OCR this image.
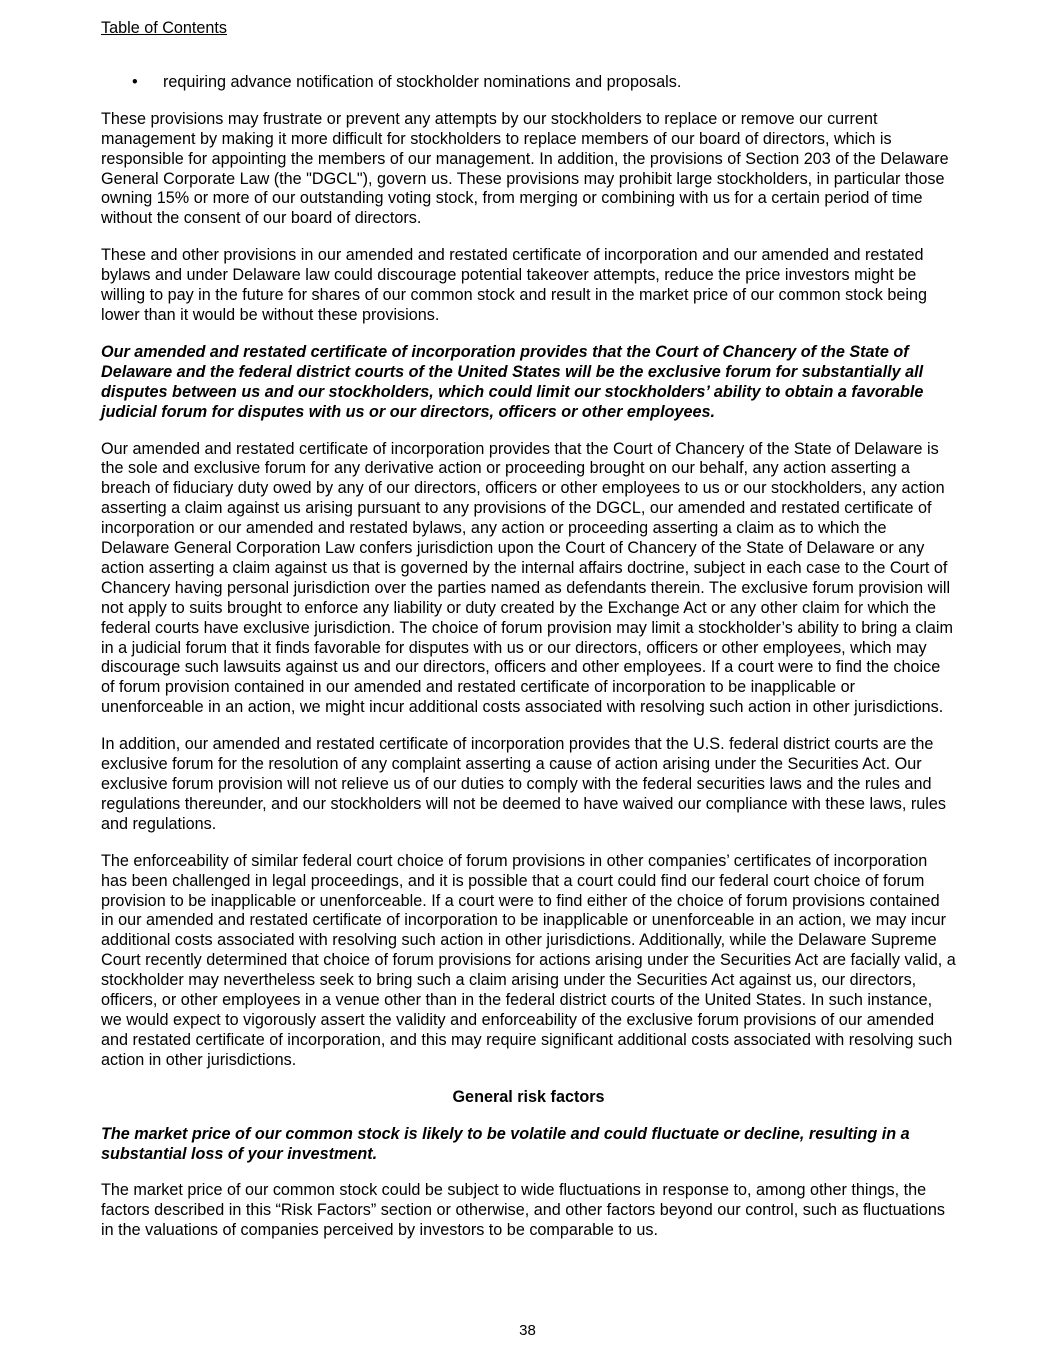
Table of Contents
•	requiring advance notification of stockholder nominations and proposals.

These provisions may frustrate or prevent any attempts by our stockholders to replace or remove our current management by making it more difficult for stockholders to replace members of our board of directors, which is responsible for appointing the members of our management. In addition, the provisions of Section 203 of the Delaware General Corporate Law (the "DGCL"), govern us. These provisions may prohibit large stockholders, in particular those owning 15% or more of our outstanding voting stock, from merging or combining with us for a certain period of time without the consent of our board of directors.

These and other provisions in our amended and restated certificate of incorporation and our amended and restated bylaws and under Delaware law could discourage potential takeover attempts, reduce the price investors might be willing to pay in the future for shares of our common stock and result in the market price of our common stock being lower than it would be without these provisions.

Our amended and restated certificate of incorporation provides that the Court of Chancery of the State of Delaware and the federal district courts of the United States will be the exclusive forum for substantially all disputes between us and our stockholders, which could limit our stockholders’ ability to obtain a favorable judicial forum for disputes with us or our directors, officers or other employees.

Our amended and restated certificate of incorporation provides that the Court of Chancery of the State of Delaware is the sole and exclusive forum for any derivative action or proceeding brought on our behalf, any action asserting a breach of fiduciary duty owed by any of our directors, officers or other employees to us or our stockholders, any action asserting a claim against us arising pursuant to any provisions of the DGCL, our amended and restated certificate of incorporation or our amended and restated bylaws, any action or proceeding asserting a claim as to which the Delaware General Corporation Law confers jurisdiction upon the Court of Chancery of the State of Delaware or any action asserting a claim against us that is governed by the internal affairs doctrine, subject in each case to the Court of Chancery having personal jurisdiction over the parties named as defendants therein. The exclusive forum provision will not apply to suits brought to enforce any liability or duty created by the Exchange Act or any other claim for which the federal courts have exclusive jurisdiction. The choice of forum provision may limit a stockholder’s ability to bring a claim in a judicial forum that it finds favorable for disputes with us or our directors, officers or other employees, which may discourage such lawsuits against us and our directors, officers and other employees. If a court were to find the choice of forum provision contained in our amended and restated certificate of incorporation to be inapplicable or unenforceable in an action, we might incur additional costs associated with resolving such action in other jurisdictions.

In addition, our amended and restated certificate of incorporation provides that the U.S. federal district courts are the exclusive forum for the resolution of any complaint asserting a cause of action arising under the Securities Act. Our exclusive forum provision will not relieve us of our duties to comply with the federal securities laws and the rules and regulations thereunder, and our stockholders will not be deemed to have waived our compliance with these laws, rules and regulations.

The enforceability of similar federal court choice of forum provisions in other companies’ certificates of incorporation has been challenged in legal proceedings, and it is possible that a court could find our federal court choice of forum provision to be inapplicable or unenforceable. If a court were to find either of the choice of forum provisions contained in our amended and restated certificate of incorporation to be inapplicable or unenforceable in an action, we may incur additional costs associated with resolving such action in other jurisdictions. Additionally, while the Delaware Supreme Court recently determined that choice of forum provisions for actions arising under the Securities Act are facially valid, a stockholder may nevertheless seek to bring such a claim arising under the Securities Act against us, our directors, officers, or other employees in a venue other than in the federal district courts of the United States. In such instance, we would expect to vigorously assert the validity and enforceability of the exclusive forum provisions of our amended and restated certificate of incorporation, and this may require significant additional costs associated with resolving such action in other jurisdictions.

General risk factors

The market price of our common stock is likely to be volatile and could fluctuate or decline, resulting in a substantial loss of your investment.

The market price of our common stock could be subject to wide fluctuations in response to, among other things, the factors described in this “Risk Factors” section or otherwise, and other factors beyond our control, such as fluctuations in the valuations of companies perceived by investors to be comparable to us.

38
